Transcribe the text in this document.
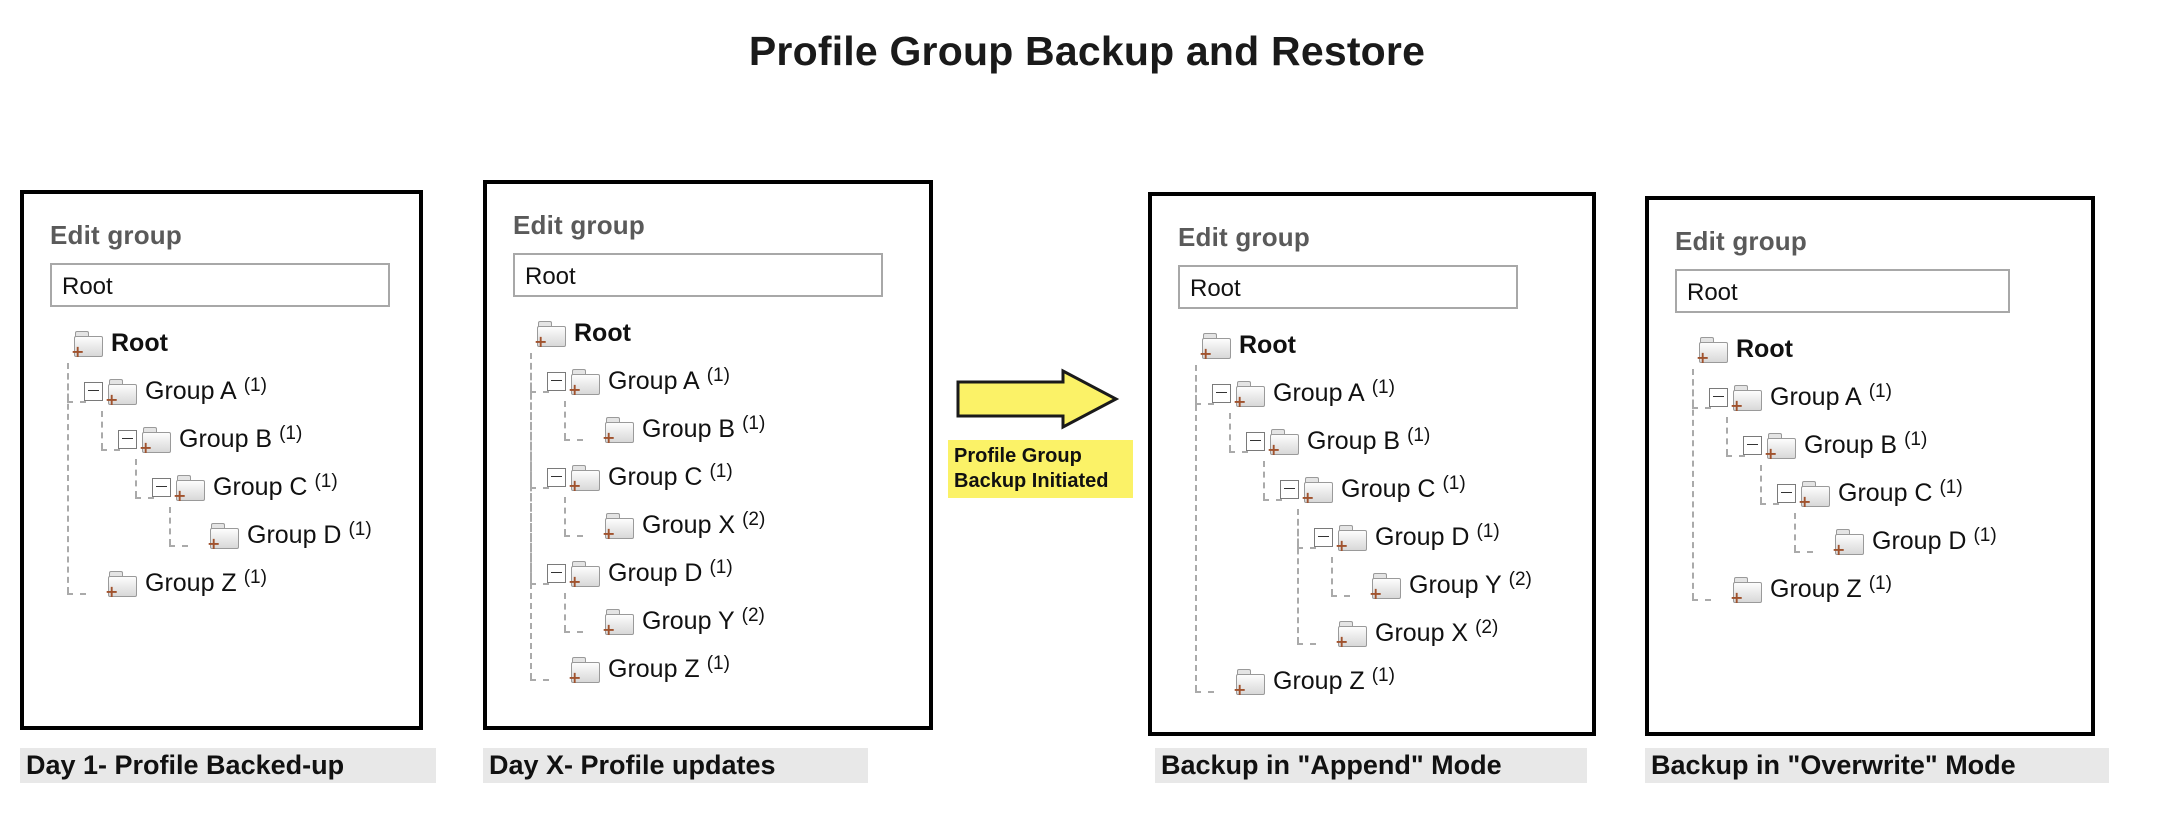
Profile Group Backup and Restore
Edit group
Root
+
Root
+
Group A (1)
+
Group B (1)
+
Group C (1)
+
Group D (1)
+
Group Z (1)
Day 1- Profile Backed-up
Edit group
Root
+
Root
+
Group A (1)
+
Group B (1)
+
Group C (1)
+
Group X (2)
+
Group D (1)
+
Group Y (2)
+
Group Z (1)
Day X- Profile updates
Profile Group
Backup Initiated
Edit group
Root
+
Root
+
Group A (1)
+
Group B (1)
+
Group C (1)
+
Group D (1)
+
Group Y (2)
+
Group X (2)
+
Group Z (1)
Backup in "Append" Mode
Edit group
Root
+
Root
+
Group A (1)
+
Group B (1)
+
Group C (1)
+
Group D (1)
+
Group Z (1)
Backup in "Overwrite" Mode
